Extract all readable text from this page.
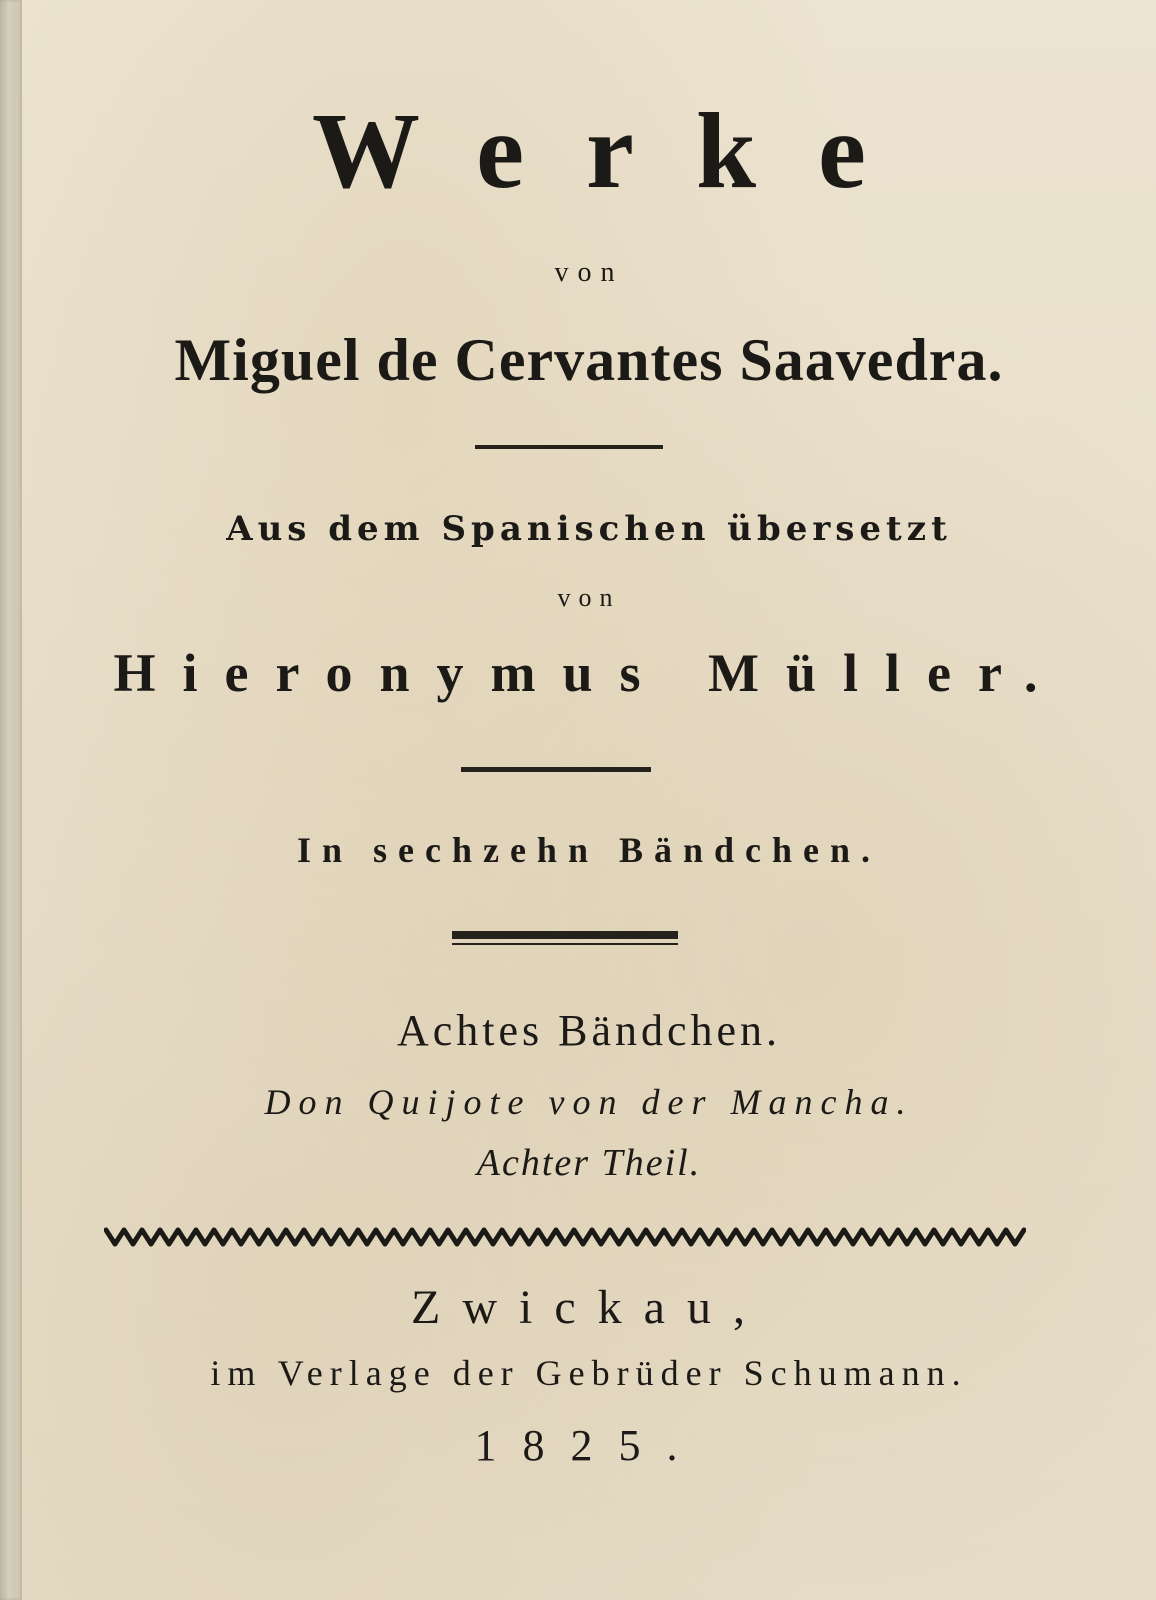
Werke
von
Miguel de Cervantes Saavedra.
Aus dem Spanischen übersetzt
von
Hieronymus Müller.
In sechzehn Bändchen.
Achtes Bändchen.
Don Quijote von der Mancha.
Achter Theil.
Zwickau,
im Verlage der Gebrüder Schumann.
1825.
